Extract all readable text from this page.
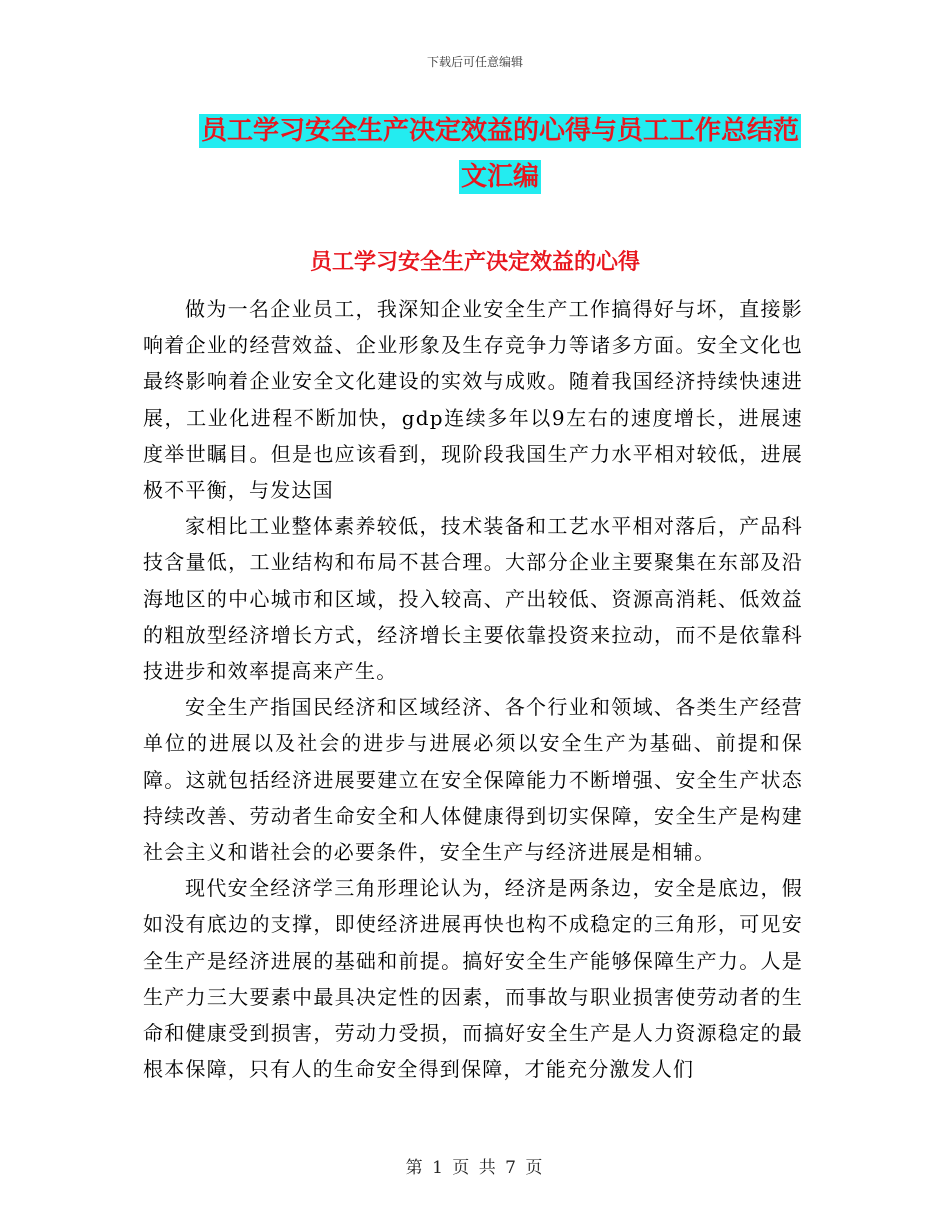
下载后可任意编辑
员工学习安全生产决定效益的心得与员工工作总结范
文汇编
员工学习安全生产决定效益的心得

做为一名企业员工，我深知企业安全生产工作搞得好与坏，直接影响着企业的经营效益、企业形象及生存竞争力等诸多方面。安全文化也最终影响着企业安全文化建设的实效与成败。随着我国经济持续快速进展，工业化进程不断加快，gdp连续多年以9左右的速度增长，进展速度举世瞩目。但是也应该看到，现阶段我国生产力水平相对较低，进展极不平衡，与发达国

家相比工业整体素养较低，技术装备和工艺水平相对落后，产品科技含量低，工业结构和布局不甚合理。大部分企业主要聚集在东部及沿海地区的中心城市和区域，投入较高、产出较低、资源高消耗、低效益的粗放型经济增长方式，经济增长主要依靠投资来拉动，而不是依靠科技进步和效率提高来产生。

安全生产指国民经济和区域经济、各个行业和领域、各类生产经营单位的进展以及社会的进步与进展必须以安全生产为基础、前提和保障。这就包括经济进展要建立在安全保障能力不断增强、安全生产状态持续改善、劳动者生命安全和人体健康得到切实保障，安全生产是构建社会主义和谐社会的必要条件，安全生产与经济进展是相辅。

现代安全经济学三角形理论认为，经济是两条边，安全是底边，假如没有底边的支撑，即使经济进展再快也构不成稳定的三角形，可见安全生产是经济进展的基础和前提。搞好安全生产能够保障生产力。人是生产力三大要素中最具决定性的因素，而事故与职业损害使劳动者的生命和健康受到损害，劳动力受损，而搞好安全生产是人力资源稳定的最根本保障，只有人的生命安全得到保障，才能充分激发人们

第 1 页 共 7 页
